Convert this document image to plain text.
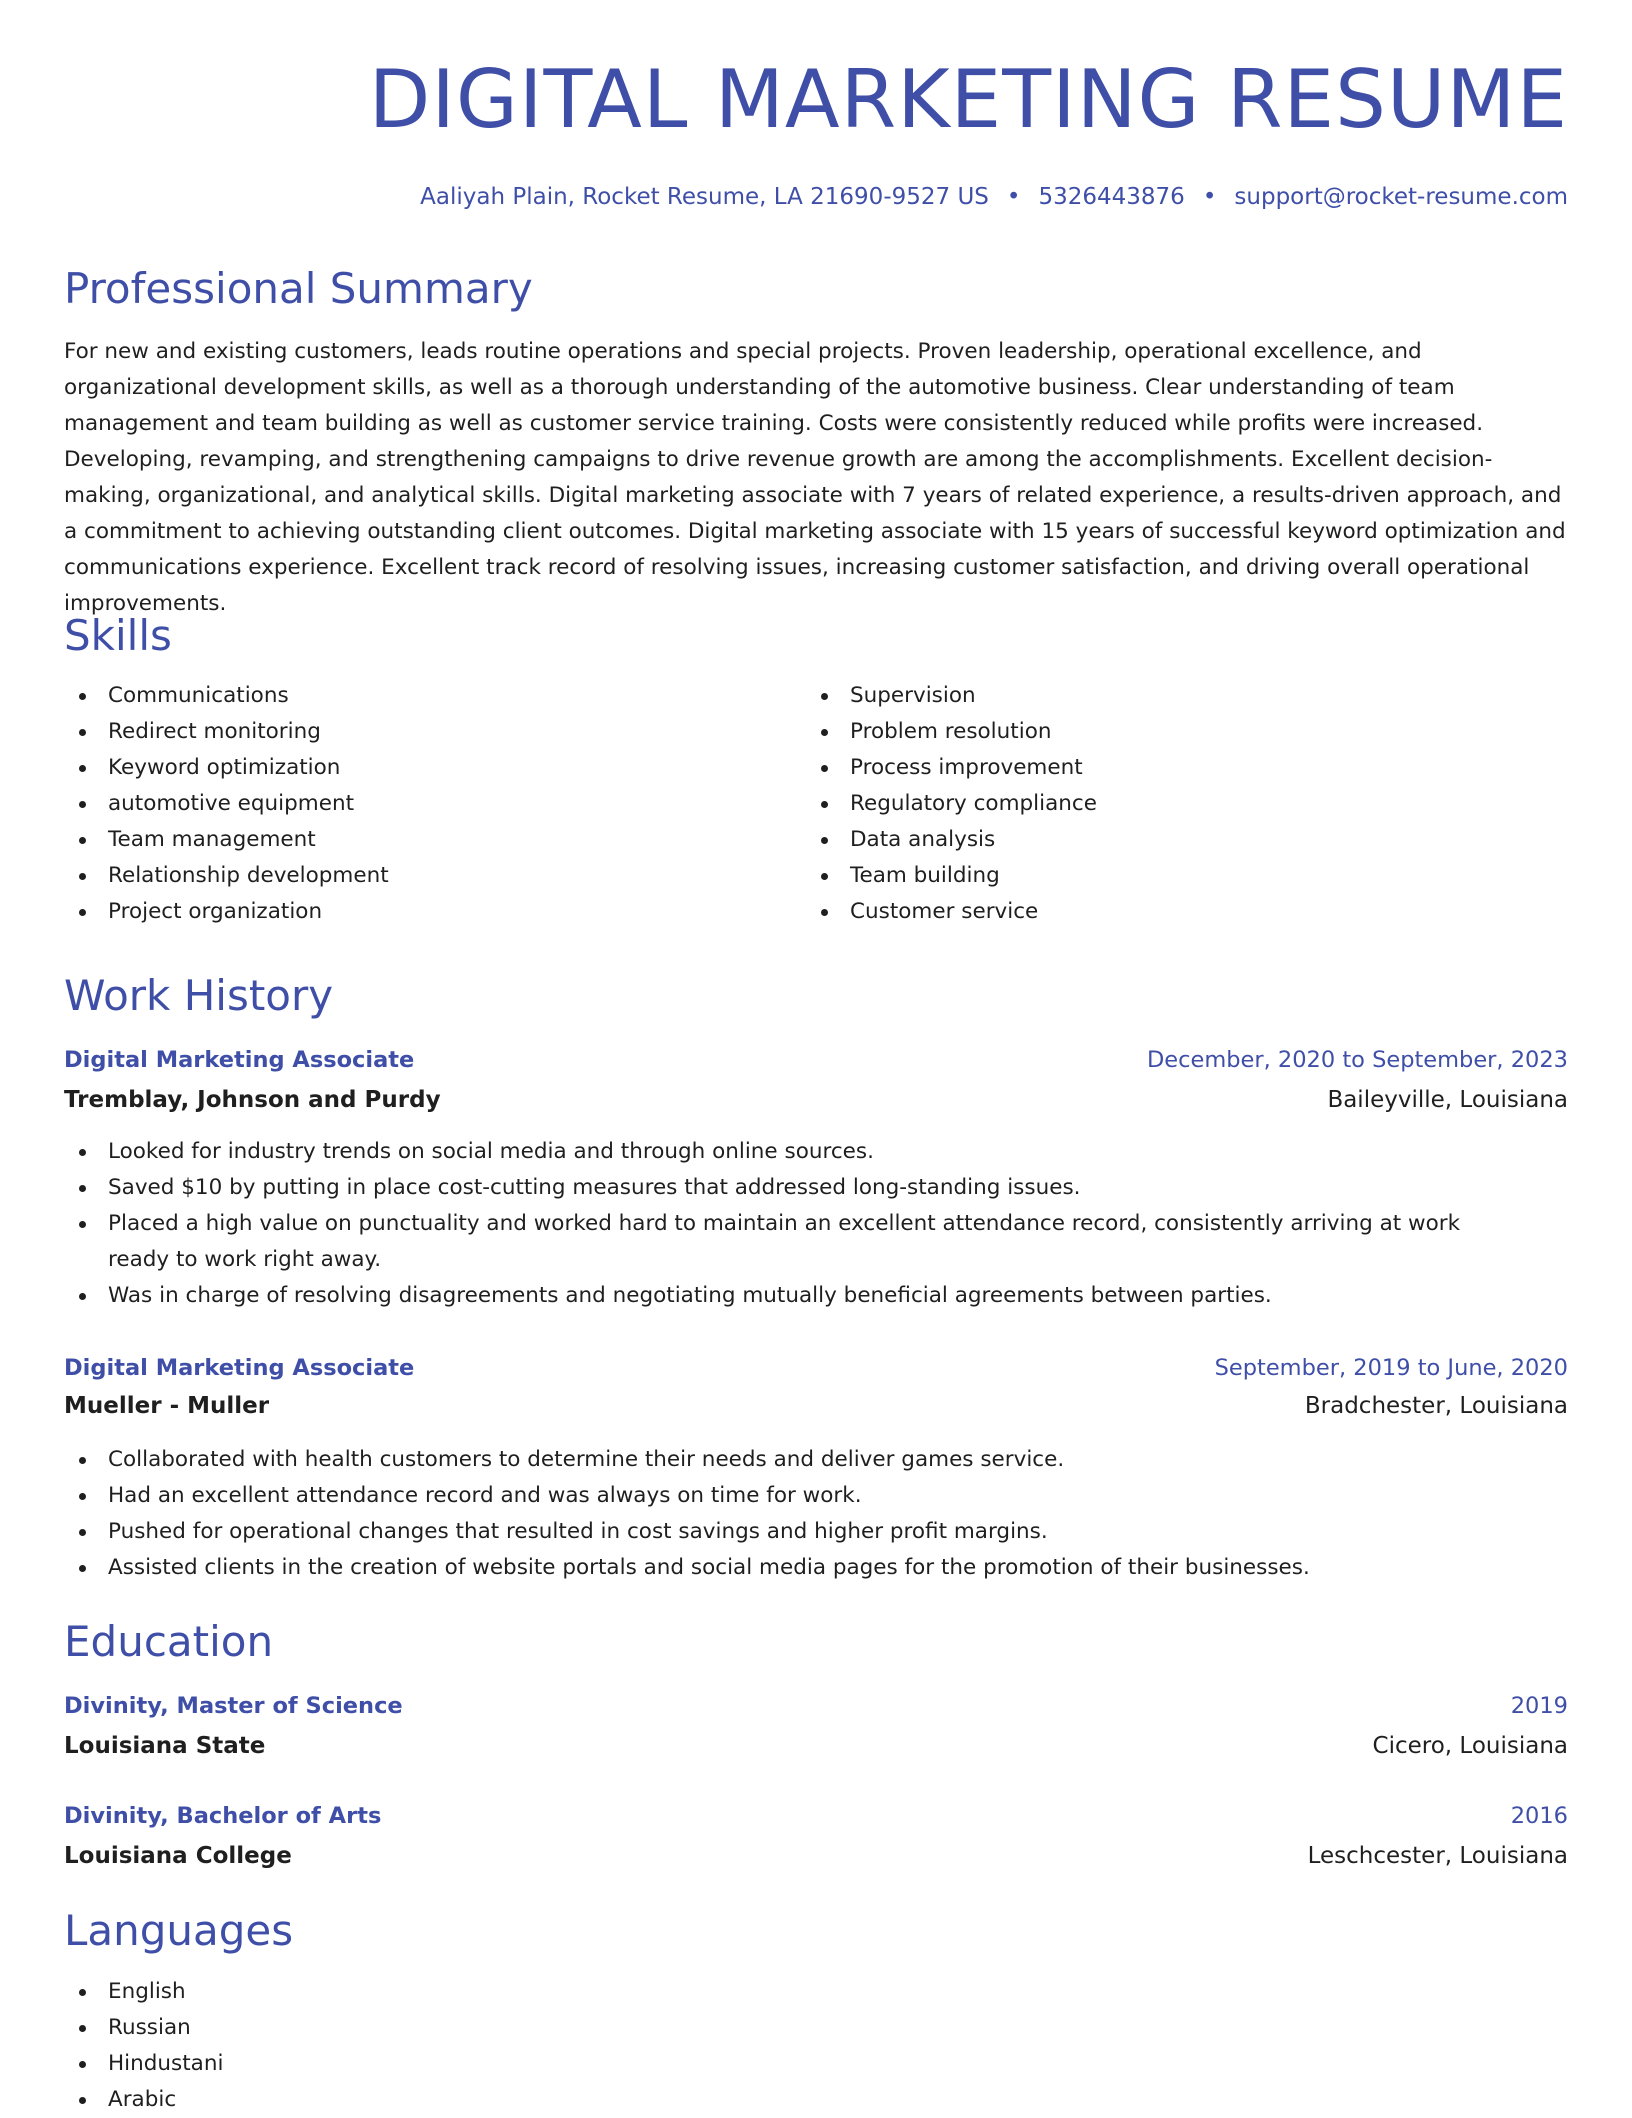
DIGITAL MARKETING RESUME
Aaliyah Plain, Rocket Resume, LA 21690-9527 US • 5326443876 • support@rocket-resume.com
Professional Summary

For new and existing customers, leads routine operations and special projects. Proven leadership, operational excellence, and organizational development skills, as well as a thorough understanding of the automotive business. Clear understanding of team management and team building as well as customer service training. Costs were consistently reduced while profits were increased. Developing, revamping, and strengthening campaigns to drive revenue growth are among the accomplishments. Excellent decision-making, organizational, and analytical skills. Digital marketing associate with 7 years of related experience, a results-driven approach, and a commitment to achieving outstanding client outcomes. Digital marketing associate with 15 years of successful keyword optimization and communications experience. Excellent track record of resolving issues, increasing customer satisfaction, and driving overall operational improvements.

Skills
Communications
Redirect monitoring
Keyword optimization
automotive equipment
Team management
Relationship development
Project organization
Supervision
Problem resolution
Process improvement
Regulatory compliance
Data analysis
Team building
Customer service
Work History
Digital Marketing Associate	December, 2020 to September, 2023
Tremblay, Johnson and Purdy	Baileyville, Louisiana
Looked for industry trends on social media and through online sources.
Saved $10 by putting in place cost-cutting measures that addressed long-standing issues.
Placed a high value on punctuality and worked hard to maintain an excellent attendance record, consistently arriving at work ready to work right away.
Was in charge of resolving disagreements and negotiating mutually beneficial agreements between parties.
Digital Marketing Associate	September, 2019 to June, 2020
Mueller - Muller	Bradchester, Louisiana
Collaborated with health customers to determine their needs and deliver games service.
Had an excellent attendance record and was always on time for work.
Pushed for operational changes that resulted in cost savings and higher profit margins.
Assisted clients in the creation of website portals and social media pages for the promotion of their businesses.
Education
Divinity, Master of Science	2019
Louisiana State	Cicero, Louisiana
Divinity, Bachelor of Arts	2016
Louisiana College	Leschcester, Louisiana
Languages
English
Russian
Hindustani
Arabic
